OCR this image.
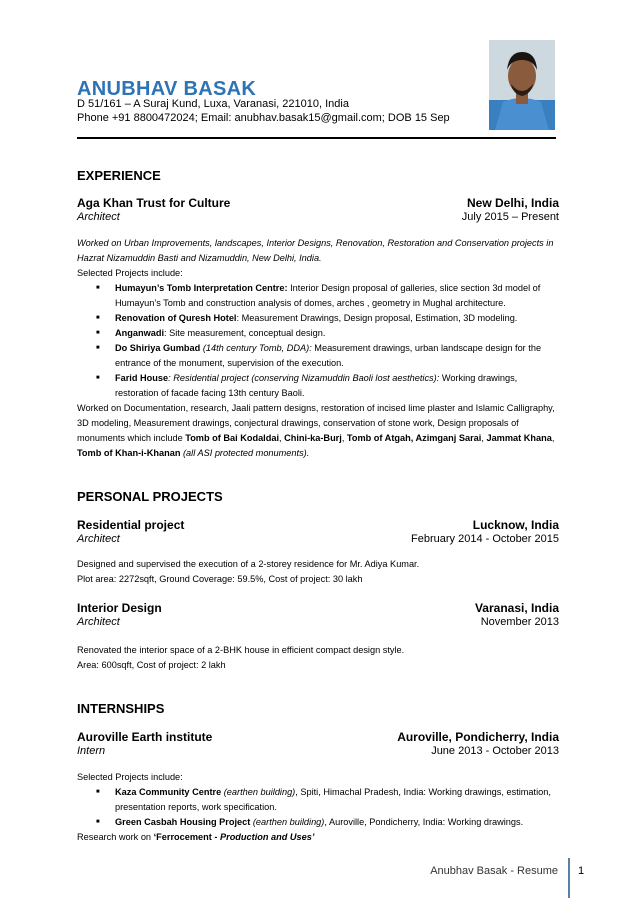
ANUBHAV BASAK
D 51/161 – A Suraj Kund, Luxa, Varanasi, 221010, India
Phone +91 8800472024; Email: anubhav.basak15@gmail.com; DOB 15 Sep
EXPERIENCE
Aga Khan Trust for Culture	New Delhi, India
Architect	July 2015 – Present

Worked on Urban Improvements, landscapes, Interior Designs, Renovation, Restoration and Conservation projects in Hazrat Nizamuddin Basti and Nizamuddin, New Delhi, India.

Selected Projects include:

■ Humayun’s Tomb Interpretation Centre: Interior Design proposal of galleries, slice section 3d model of Humayun’s Tomb and construction analysis of domes, arches , geometry in Mughal architecture.
■ Renovation of Quresh Hotel: Measurement Drawings, Design proposal, Estimation, 3D modeling.
■ Anganwadi: Site measurement, conceptual design.
■ Do Shiriya Gumbad (14th century Tomb, DDA): Measurement drawings, urban landscape design for the entrance of the monument, supervision of the execution.
■ Farid House: Residential project (conserving Nizamuddin Baoli lost aesthetics): Working drawings, restoration of facade facing 13th century Baoli.

Worked on Documentation, research, Jaali pattern designs, restoration of incised lime plaster and Islamic Calligraphy, 3D modeling, Measurement drawings, conjectural drawings, conservation of stone work, Design proposals of monuments which include Tomb of Bai Kodaldai, Chini-ka-Burj, Tomb of Atgah, Azimganj Sarai, Jammat Khana, Tomb of Khan-i-Khanan (all ASI protected monuments).

PERSONAL PROJECTS
Residential project	Lucknow, India
Architect	February 2014 - October 2015

Designed and supervised the execution of a 2-storey residence for Mr. Adiya Kumar.

Plot area: 2272sqft, Ground Coverage: 59.5%, Cost of project: 30 lakh

Interior Design	Varanasi, India
Architect	November 2013

Renovated the interior space of a 2-BHK house in efficient compact design style.

Area: 600sqft, Cost of project: 2 lakh

INTERNSHIPS
Auroville Earth institute	Auroville, Pondicherry, India
Intern	June 2013 - October 2013

Selected Projects include:

■ Kaza Community Centre (earthen building), Spiti, Himachal Pradesh, India: Working drawings, estimation, presentation reports, work specification.
■ Green Casbah Housing Project (earthen building), Auroville, Pondicherry, India: Working drawings.

Research work on ‘Ferrocement - Production and Uses’

Anubhav Basak - Resume 1
